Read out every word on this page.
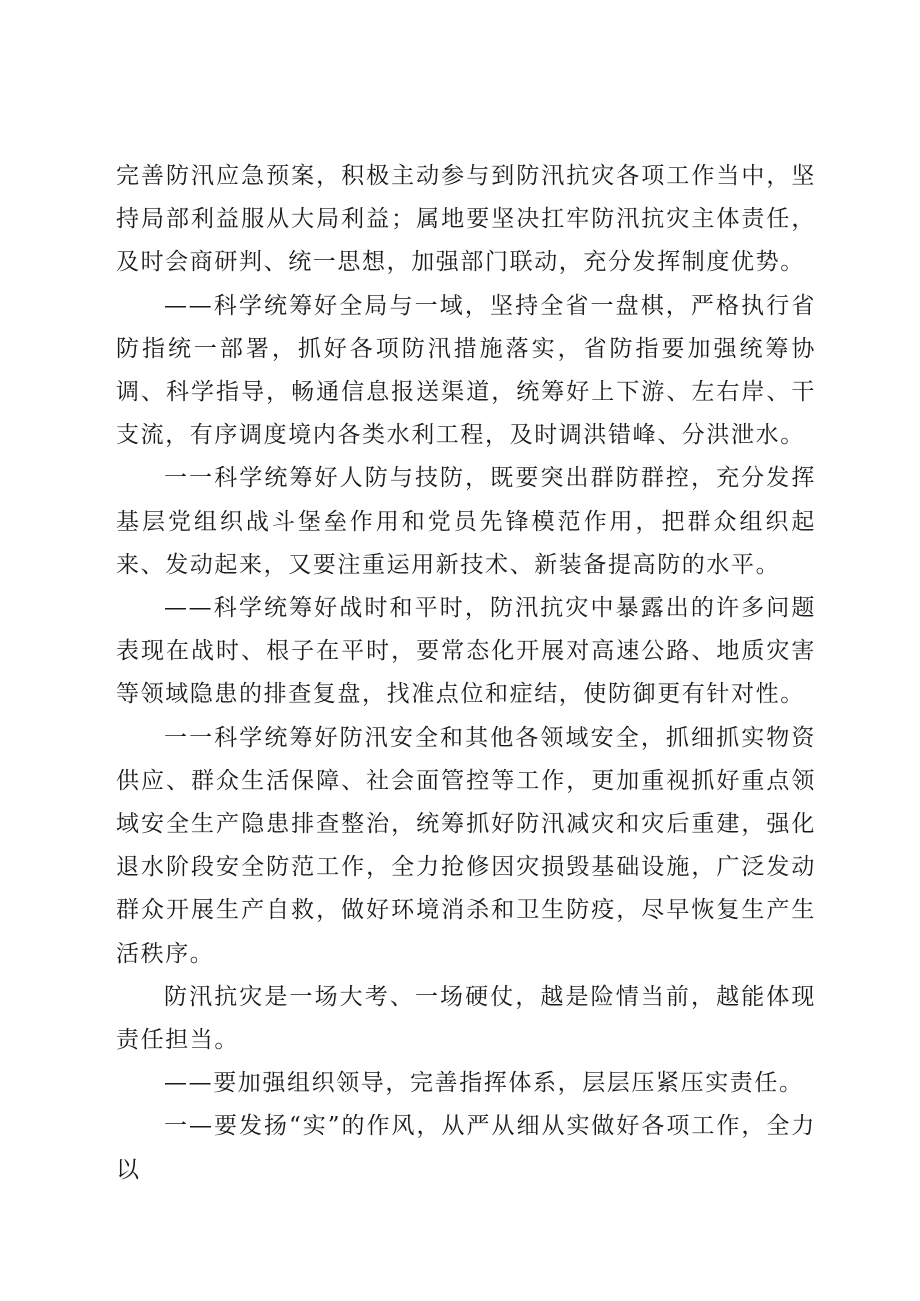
完善防汛应急预案，积极主动参与到防汛抗灾各项工作当中，坚持局部利益服从大局利益；属地要坚决扛牢防汛抗灾主体责任，及时会商研判、统一思想，加强部门联动，充分发挥制度优势。

——科学统筹好全局与一域，坚持全省一盘棋，严格执行省防指统一部署，抓好各项防汛措施落实，省防指要加强统筹协调、科学指导，畅通信息报送渠道，统筹好上下游、左右岸、干支流，有序调度境内各类水利工程，及时调洪错峰、分洪泄水。

一一科学统筹好人防与技防，既要突出群防群控，充分发挥基层党组织战斗堡垒作用和党员先锋模范作用，把群众组织起来、发动起来，又要注重运用新技术、新装备提高防的水平。

——科学统筹好战时和平时，防汛抗灾中暴露出的许多问题表现在战时、根子在平时，要常态化开展对高速公路、地质灾害等领域隐患的排查复盘，找准点位和症结，使防御更有针对性。

一一科学统筹好防汛安全和其他各领域安全，抓细抓实物资供应、群众生活保障、社会面管控等工作，更加重视抓好重点领域安全生产隐患排查整治，统筹抓好防汛减灾和灾后重建，强化退水阶段安全防范工作，全力抢修因灾损毁基础设施，广泛发动群众开展生产自救，做好环境消杀和卫生防疫，尽早恢复生产生活秩序。

防汛抗灾是一场大考、一场硬仗，越是险情当前，越能体现责任担当。

——要加强组织领导，完善指挥体系，层层压紧压实责任。

一—要发扬“实”的作风，从严从细从实做好各项工作，全力以
